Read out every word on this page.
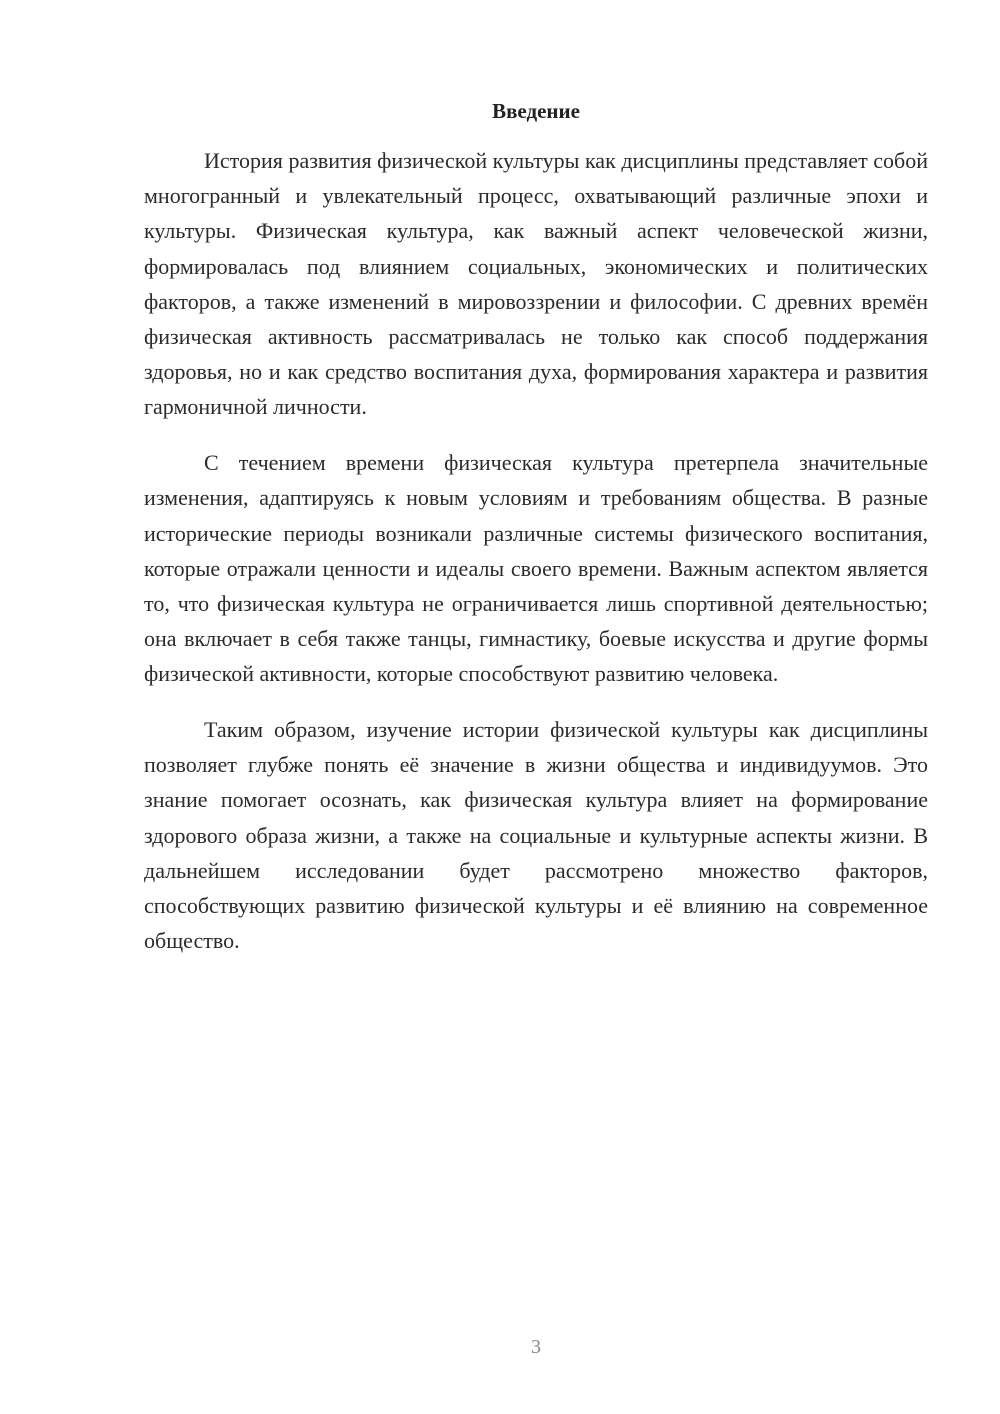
Введение

История развития физической культуры как дисциплины представляет собой многогранный и увлекательный процесс, охватывающий различные эпохи и культуры. Физическая культура, как важный аспект человеческой жизни, формировалась под влиянием социальных, экономических и политических факторов, а также изменений в мировоззрении и философии. С древних времён физическая активность рассматривалась не только как способ поддержания здоровья, но и как средство воспитания духа, формирования характера и развития гармоничной личности.

С течением времени физическая культура претерпела значительные изменения, адаптируясь к новым условиям и требованиям общества. В разные исторические периоды возникали различные системы физического воспитания, которые отражали ценности и идеалы своего времени. Важным аспектом является то, что физическая культура не ограничивается лишь спортивной деятельностью; она включает в себя также танцы, гимнастику, боевые искусства и другие формы физической активности, которые способствуют развитию человека.

Таким образом, изучение истории физической культуры как дисциплины позволяет глубже понять её значение в жизни общества и индивидуумов. Это знание помогает осознать, как физическая культура влияет на формирование здорового образа жизни, а также на социальные и культурные аспекты жизни. В дальнейшем исследовании будет рассмотрено множество факторов, способствующих развитию физической культуры и её влиянию на современное общество.

3
